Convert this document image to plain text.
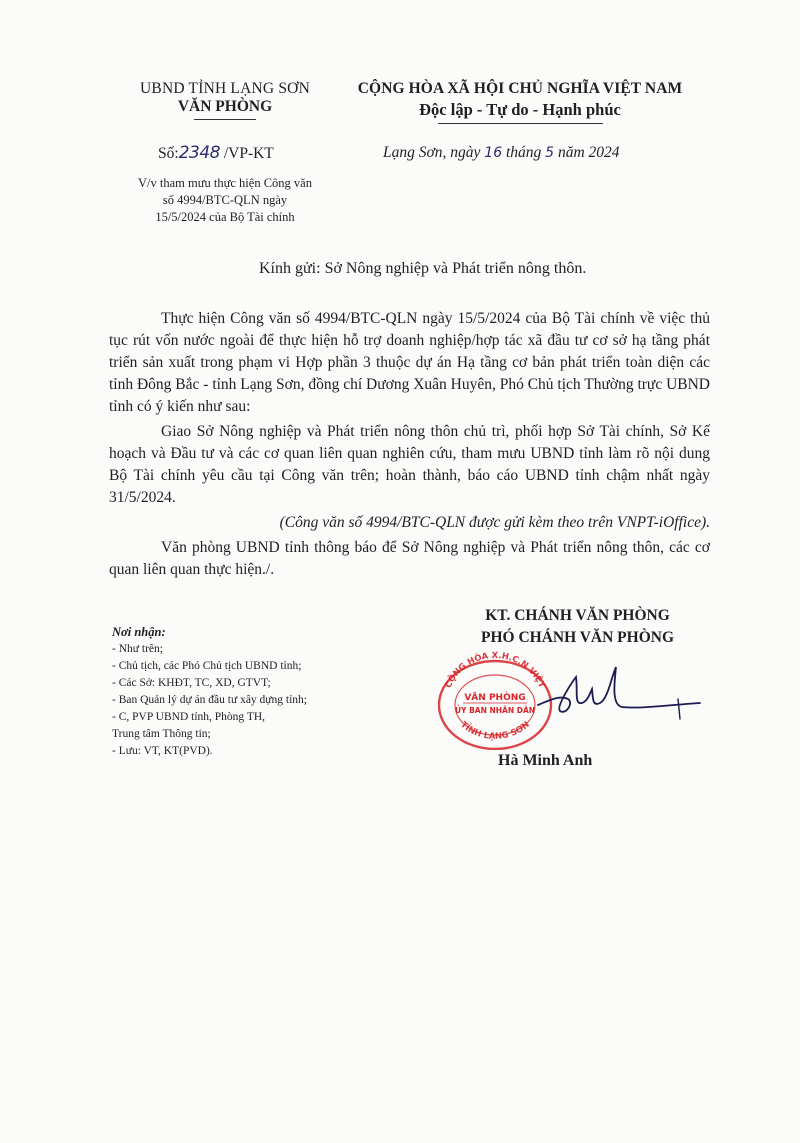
UBND TỈNH LẠNG SƠN
VĂN PHÒNG
CỘNG HÒA XÃ HỘI CHỦ NGHĨA VIỆT NAM
Độc lập - Tự do - Hạnh phúc
Số:2348 /VP-KT	Lạng Sơn, ngày 16 tháng 5 năm 2024
V/v tham mưu thực hiện Công văn
số 4994/BTC-QLN ngày
15/5/2024 của Bộ Tài chính
Kính gửi: Sở Nông nghiệp và Phát triển nông thôn.

Thực hiện Công văn số 4994/BTC-QLN ngày 15/5/2024 của Bộ Tài chính về việc thủ tục rút vốn nước ngoài để thực hiện hỗ trợ doanh nghiệp/hợp tác xã đầu tư cơ sở hạ tầng phát triển sản xuất trong phạm vi Hợp phần 3 thuộc dự án Hạ tầng cơ bản phát triển toàn diện các tỉnh Đông Bắc - tỉnh Lạng Sơn, đồng chí Dương Xuân Huyên, Phó Chủ tịch Thường trực UBND tỉnh có ý kiến như sau:

Giao Sở Nông nghiệp và Phát triển nông thôn chủ trì, phối hợp Sở Tài chính, Sở Kế hoạch và Đầu tư và các cơ quan liên quan nghiên cứu, tham mưu UBND tỉnh làm rõ nội dung Bộ Tài chính yêu cầu tại Công văn trên; hoàn thành, báo cáo UBND tỉnh chậm nhất ngày 31/5/2024.

(Công văn số 4994/BTC-QLN được gửi kèm theo trên VNPT-iOffice).

Văn phòng UBND tỉnh thông báo để Sở Nông nghiệp và Phát triển nông thôn, các cơ quan liên quan thực hiện./.

Nơi nhận:
- Như trên;
- Chủ tịch, các Phó Chủ tịch UBND tỉnh;
- Các Sở: KHĐT, TC, XD, GTVT;
- Ban Quản lý dự án đầu tư xây dựng tỉnh;
- C, PVP UBND tỉnh, Phòng TH,
Trung tâm Thông tin;
- Lưu: VT, KT(PVD).
KT. CHÁNH VĂN PHÒNG
PHÓ CHÁNH VĂN PHÒNG
CỘNG HÒA X.H.C.N VIỆT
TỈNH LẠNG SƠN
VĂN PHÒNG
ỦY BAN NHÂN DÂN
Hà Minh Anh
